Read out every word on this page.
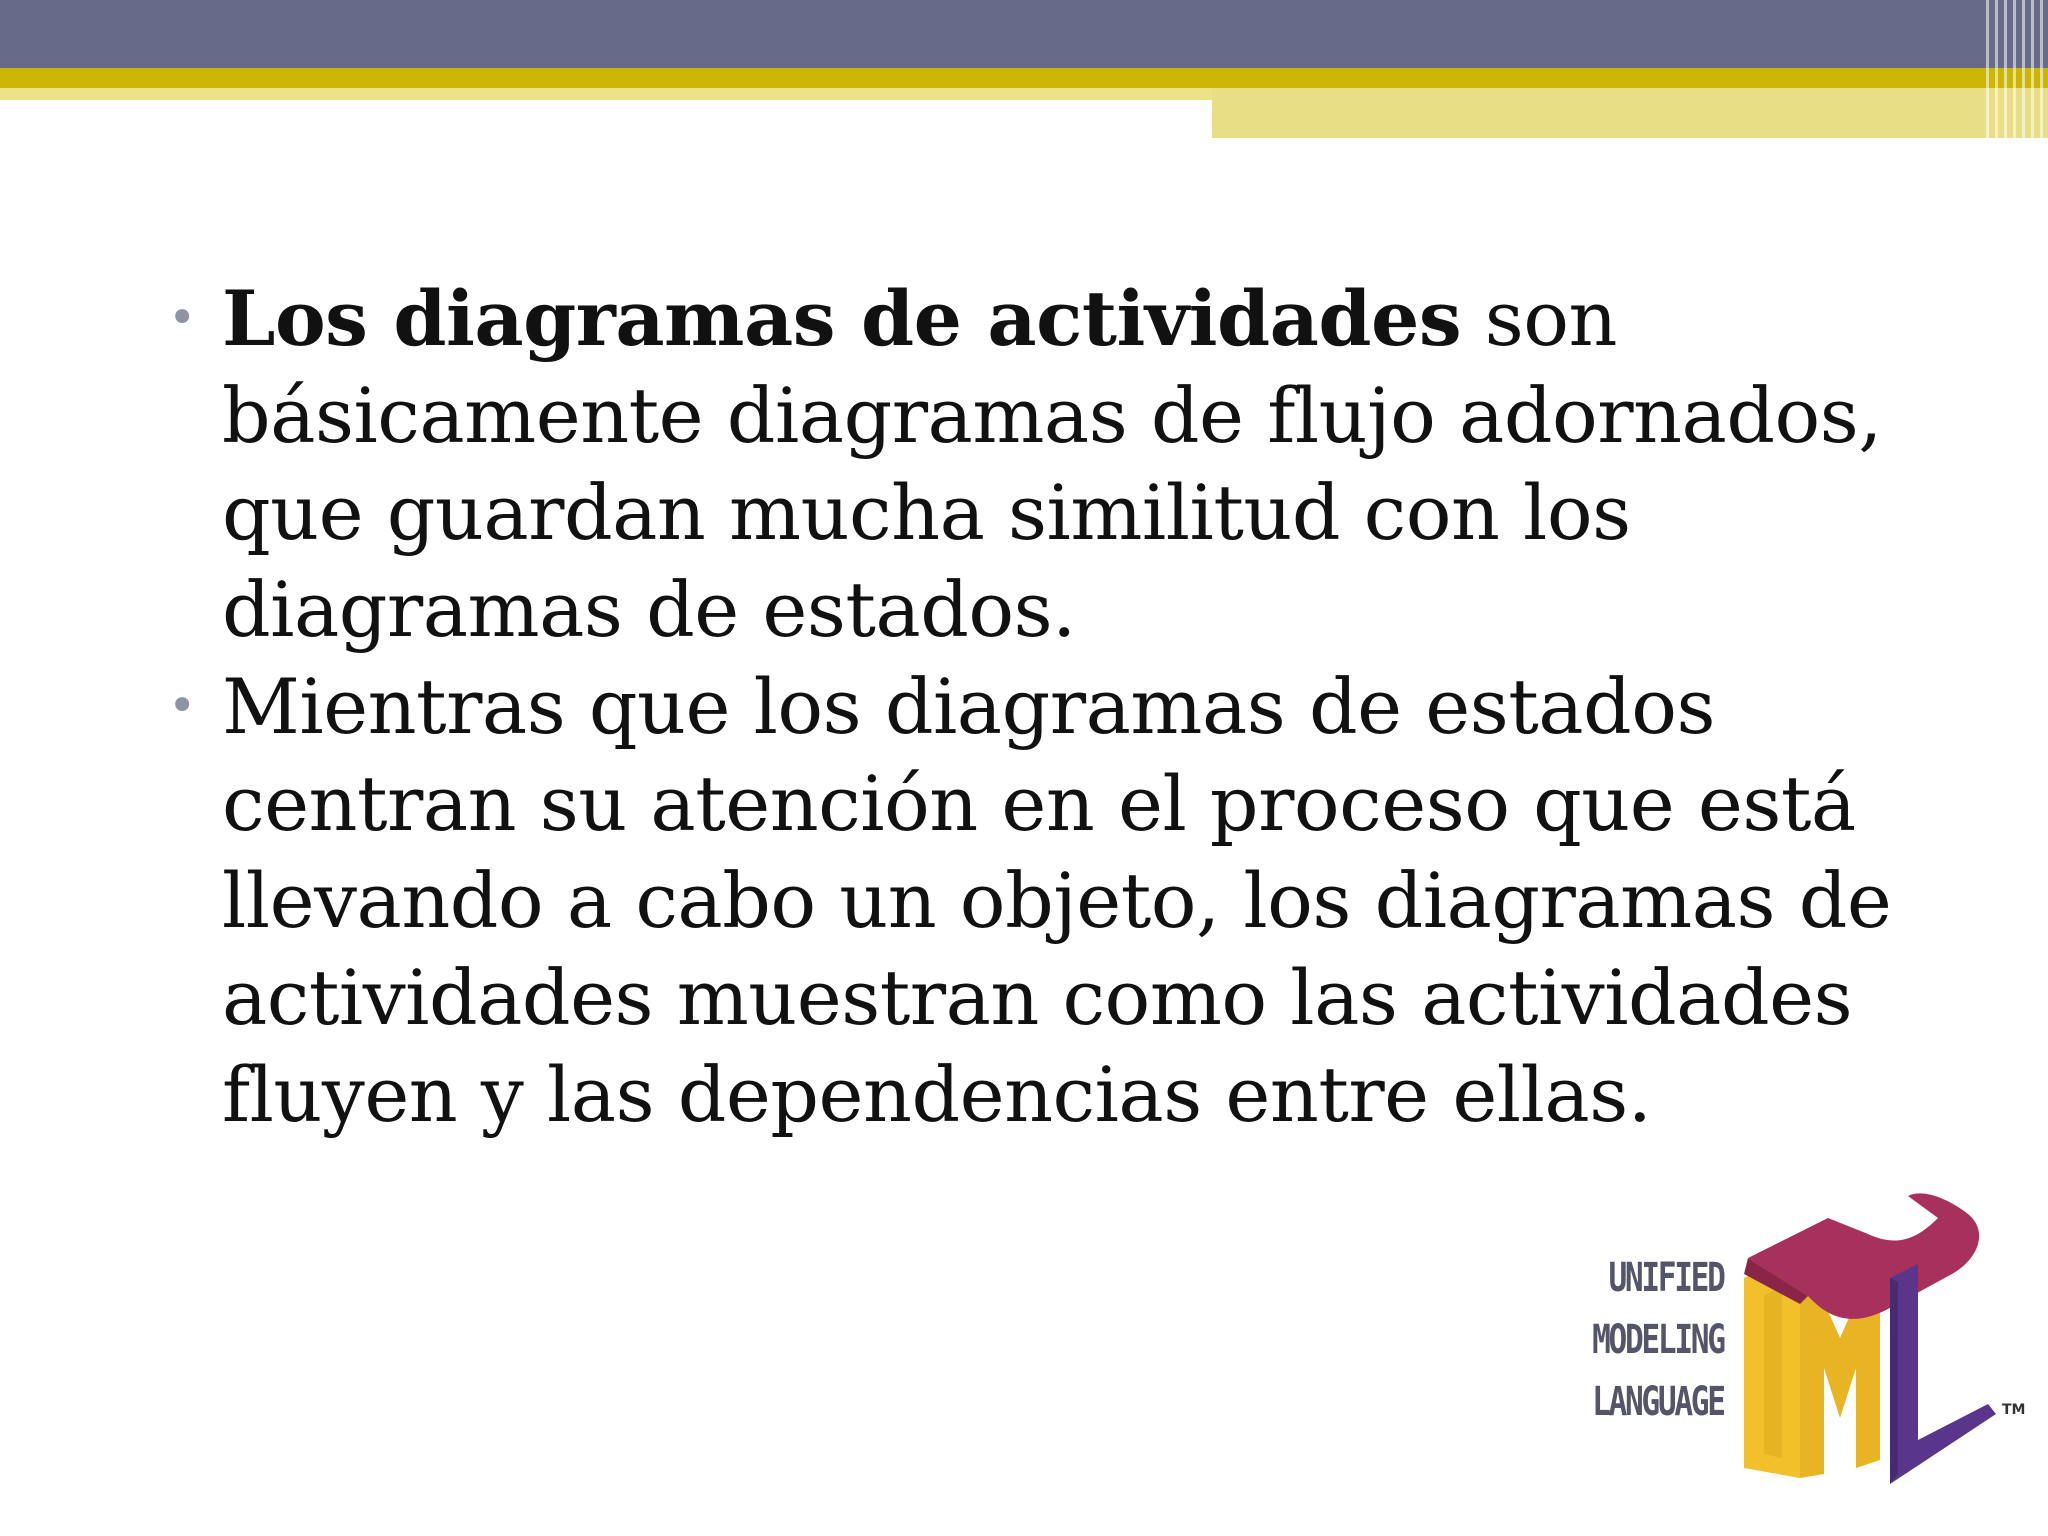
• Los diagramas de actividades son básicamente diagramas de flujo adornados, que guardan mucha similitud con los diagramas de estados.
• Mientras que los diagramas de estados centran su atención en el proceso que está llevando a cabo un objeto, los diagramas de actividades muestran como las actividades fluyen y las dependencias entre ellas.
UNIFIED
MODELING
LANGUAGE	TM
